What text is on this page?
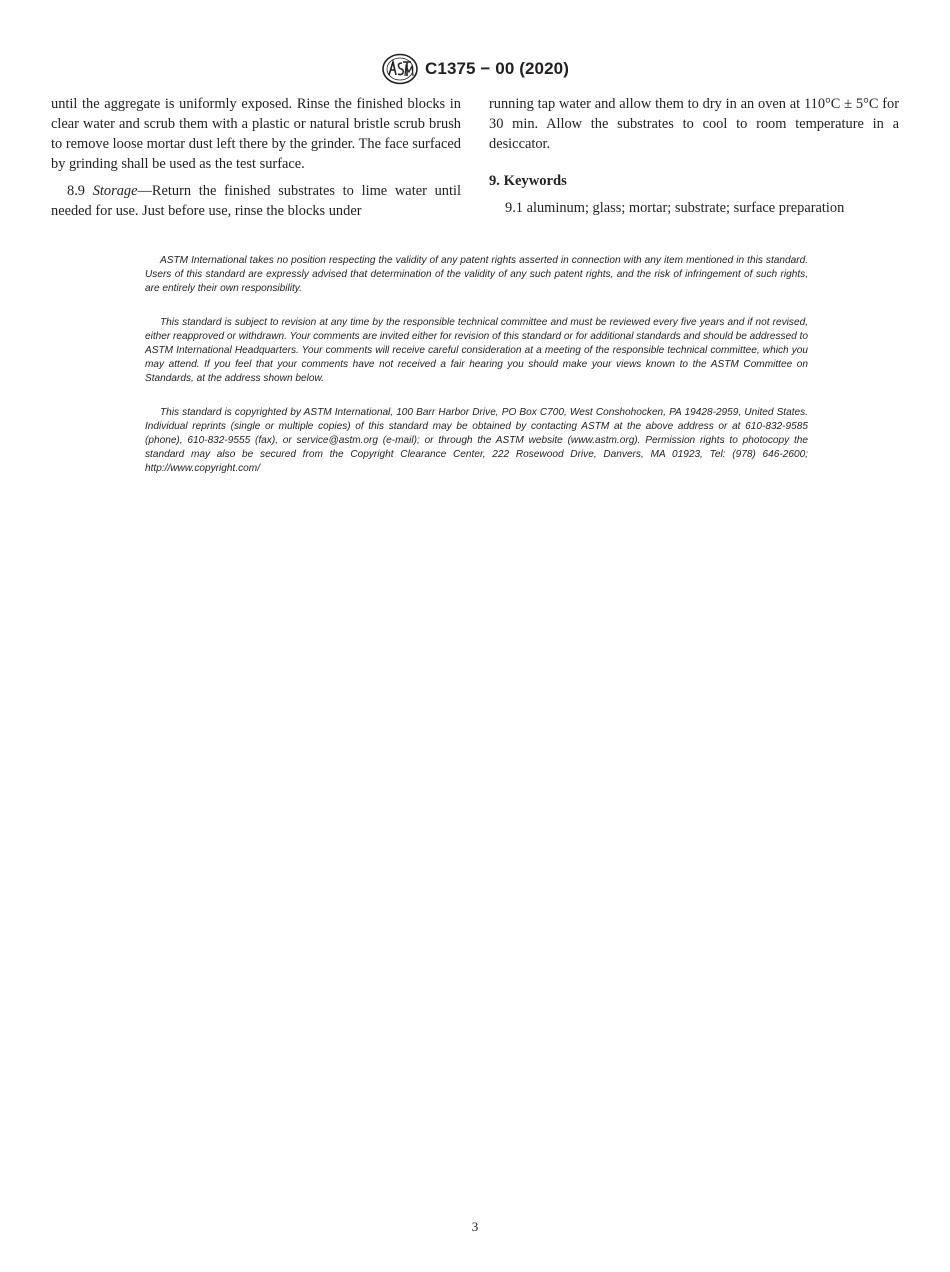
C1375 − 00 (2020)

until the aggregate is uniformly exposed. Rinse the finished blocks in clear water and scrub them with a plastic or natural bristle scrub brush to remove loose mortar dust left there by the grinder. The face surfaced by grinding shall be used as the test surface.

8.9 Storage—Return the finished substrates to lime water until needed for use. Just before use, rinse the blocks under

running tap water and allow them to dry in an oven at 110°C ± 5°C for 30 min. Allow the substrates to cool to room temperature in a desiccator.

9. Keywords

9.1 aluminum; glass; mortar; substrate; surface preparation

ASTM International takes no position respecting the validity of any patent rights asserted in connection with any item mentioned in this standard. Users of this standard are expressly advised that determination of the validity of any such patent rights, and the risk of infringement of such rights, are entirely their own responsibility.

This standard is subject to revision at any time by the responsible technical committee and must be reviewed every five years and if not revised, either reapproved or withdrawn. Your comments are invited either for revision of this standard or for additional standards and should be addressed to ASTM International Headquarters. Your comments will receive careful consideration at a meeting of the responsible technical committee, which you may attend. If you feel that your comments have not received a fair hearing you should make your views known to the ASTM Committee on Standards, at the address shown below.

This standard is copyrighted by ASTM International, 100 Barr Harbor Drive, PO Box C700, West Conshohocken, PA 19428-2959, United States. Individual reprints (single or multiple copies) of this standard may be obtained by contacting ASTM at the above address or at 610-832-9585 (phone), 610-832-9555 (fax), or service@astm.org (e-mail); or through the ASTM website (www.astm.org). Permission rights to photocopy the standard may also be secured from the Copyright Clearance Center, 222 Rosewood Drive, Danvers, MA 01923, Tel: (978) 646-2600; http://www.copyright.com/

3
